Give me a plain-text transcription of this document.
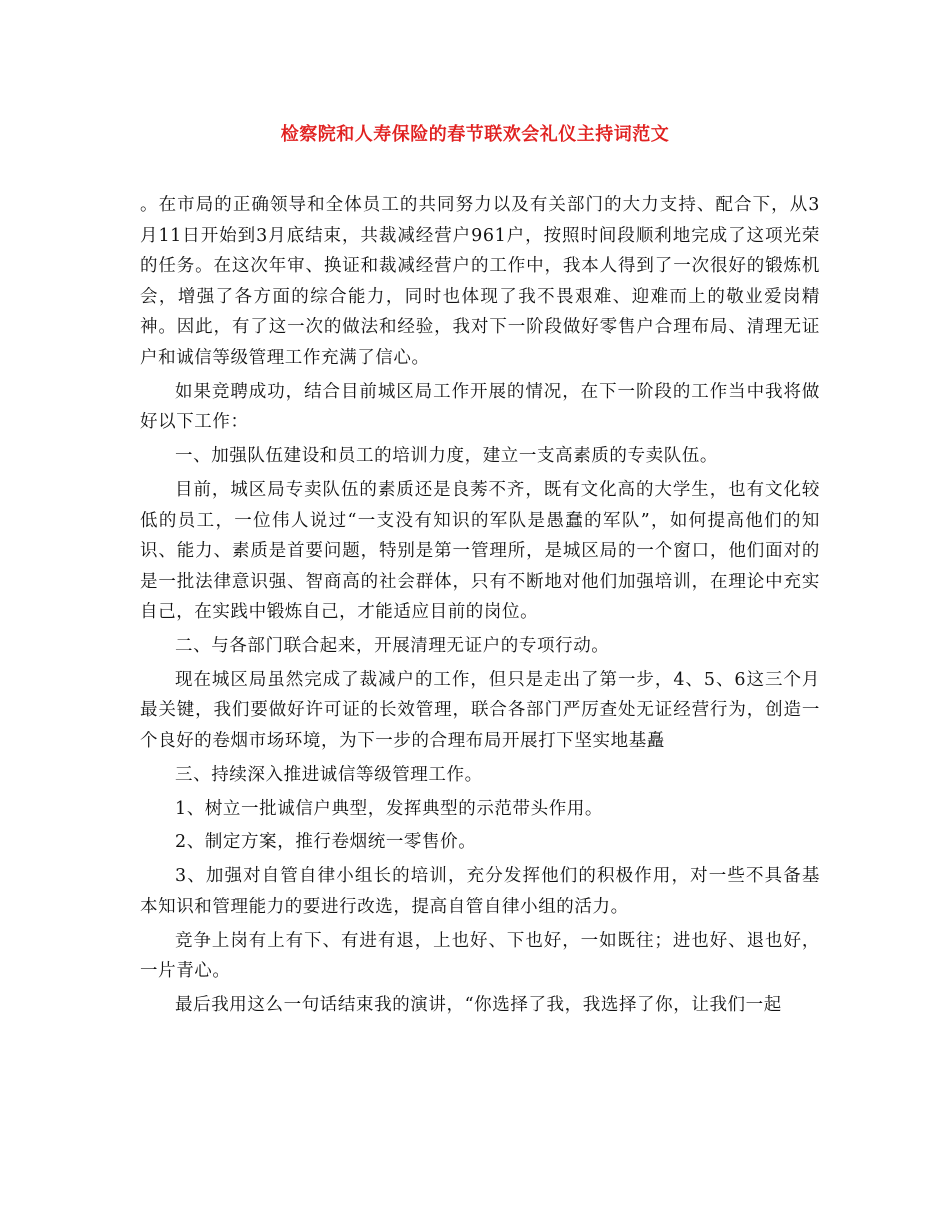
检察院和人寿保险的春节联欢会礼仪主持词范文

。在市局的正确领导和全体员工的共同努力以及有关部门的大力支持、配合下，从3月11日开始到3月底结束，共裁减经营户961户，按照时间段顺利地完成了这项光荣的任务。在这次年审、换证和裁减经营户的工作中，我本人得到了一次很好的锻炼机会，增强了各方面的综合能力，同时也体现了我不畏艰难、迎难而上的敬业爱岗精神。因此，有了这一次的做法和经验，我对下一阶段做好零售户合理布局、清理无证户和诚信等级管理工作充满了信心。

如果竞聘成功，结合目前城区局工作开展的情况，在下一阶段的工作当中我将做好以下工作：

一、加强队伍建设和员工的培训力度，建立一支高素质的专卖队伍。

目前，城区局专卖队伍的素质还是良莠不齐，既有文化高的大学生，也有文化较低的员工，一位伟人说过“一支没有知识的军队是愚蠢的军队”，如何提高他们的知识、能力、素质是首要问题，特别是第一管理所，是城区局的一个窗口，他们面对的是一批法律意识强、智商高的社会群体，只有不断地对他们加强培训，在理论中充实自己，在实践中锻炼自己，才能适应目前的岗位。

二、与各部门联合起来，开展清理无证户的专项行动。

现在城区局虽然完成了裁减户的工作，但只是走出了第一步，4、5、6这三个月最关键，我们要做好许可证的长效管理，联合各部门严厉查处无证经营行为，创造一个良好的卷烟市场环境，为下一步的合理布局开展打下坚实地基矗

三、持续深入推进诚信等级管理工作。

1、树立一批诚信户典型，发挥典型的示范带头作用。

2、制定方案，推行卷烟统一零售价。

3、加强对自管自律小组长的培训，充分发挥他们的积极作用，对一些不具备基本知识和管理能力的要进行改选，提高自管自律小组的活力。

竞争上岗有上有下、有进有退，上也好、下也好，一如既往；进也好、退也好，一片青心。

最后我用这么一句话结束我的演讲，“你选择了我，我选择了你，让我们一起
